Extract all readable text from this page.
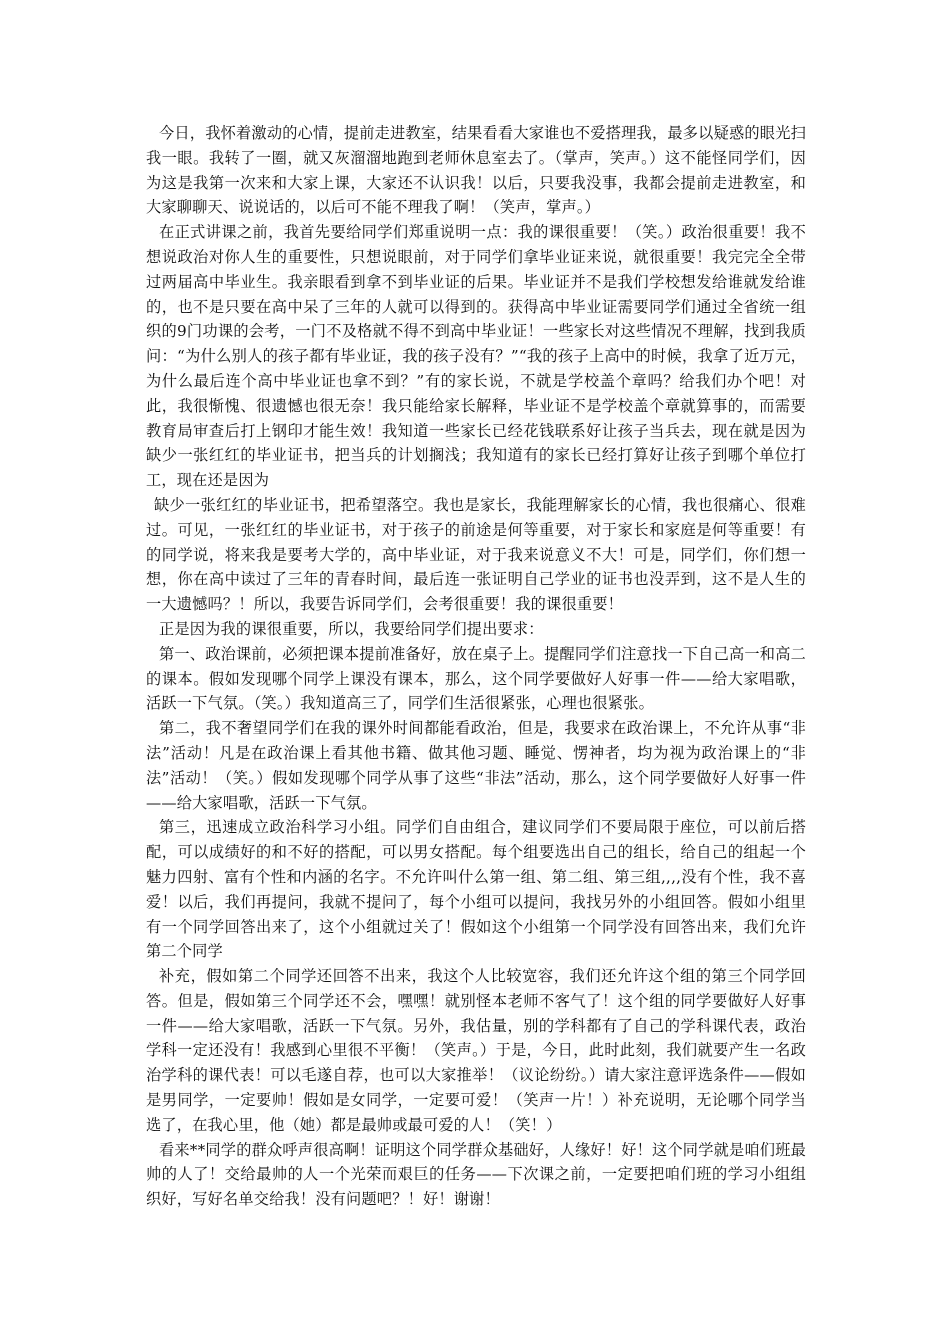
今日，我怀着激动的心情，提前走进教室，结果看看大家谁也不爱搭理我，最多以疑惑的眼光扫我一眼。我转了一圈，就又灰溜溜地跑到老师休息室去了。（掌声，笑声。）这不能怪同学们，因为这是我第一次来和大家上课，大家还不认识我！以后，只要我没事，我都会提前走进教室，和大家聊聊天、说说话的，以后可不能不理我了啊！（笑声，掌声。）

在正式讲课之前，我首先要给同学们郑重说明一点：我的课很重要！（笑。）政治很重要！我不想说政治对你人生的重要性，只想说眼前，对于同学们拿毕业证来说，就很重要！我完完全全带过两届高中毕业生。我亲眼看到拿不到毕业证的后果。毕业证并不是我们学校想发给谁就发给谁的，也不是只要在高中呆了三年的人就可以得到的。获得高中毕业证需要同学们通过全省统一组织的9门功课的会考，一门不及格就不得不到高中毕业证！一些家长对这些情况不理解，找到我质问：“为什么别人的孩子都有毕业证，我的孩子没有？”“我的孩子上高中的时候，我拿了近万元，为什么最后连个高中毕业证也拿不到？”有的家长说，不就是学校盖个章吗？给我们办个吧！对此，我很惭愧、很遗憾也很无奈！我只能给家长解释，毕业证不是学校盖个章就算事的，而需要教育局审查后打上钢印才能生效！我知道一些家长已经花钱联系好让孩子当兵去，现在就是因为缺少一张红红的毕业证书，把当兵的计划搁浅；我知道有的家长已经打算好让孩子到哪个单位打工，现在还是因为

缺少一张红红的毕业证书，把希望落空。我也是家长，我能理解家长的心情，我也很痛心、很难过。可见，一张红红的毕业证书，对于孩子的前途是何等重要，对于家长和家庭是何等重要！有的同学说，将来我是要考大学的，高中毕业证，对于我来说意义不大！可是，同学们，你们想一想，你在高中读过了三年的青春时间，最后连一张证明自己学业的证书也没弄到，这不是人生的一大遗憾吗？！所以，我要告诉同学们，会考很重要！我的课很重要！

正是因为我的课很重要，所以，我要给同学们提出要求：

第一、政治课前，必须把课本提前准备好，放在桌子上。提醒同学们注意找一下自己高一和高二的课本。假如发现哪个同学上课没有课本，那么，这个同学要做好人好事一件——给大家唱歌，活跃一下气氛。（笑。）我知道高三了，同学们生活很紧张，心理也很紧张。

第二，我不奢望同学们在我的课外时间都能看政治，但是，我要求在政治课上，不允许从事“非法”活动！凡是在政治课上看其他书籍、做其他习题、睡觉、愣神者，均为视为政治课上的“非法”活动！（笑。）假如发现哪个同学从事了这些“非法”活动，那么，这个同学要做好人好事一件——给大家唱歌，活跃一下气氛。

第三，迅速成立政治科学习小组。同学们自由组合，建议同学们不要局限于座位，可以前后搭配，可以成绩好的和不好的搭配，可以男女搭配。每个组要选出自己的组长，给自己的组起一个魅力四射、富有个性和内涵的名字。不允许叫什么第一组、第二组、第三组,,,,没有个性，我不喜爱！以后，我们再提问，我就不提问了，每个小组可以提问，我找另外的小组回答。假如小组里有一个同学回答出来了，这个小组就过关了！假如这个小组第一个同学没有回答出来，我们允许第二个同学

补充，假如第二个同学还回答不出来，我这个人比较宽容，我们还允许这个组的第三个同学回答。但是，假如第三个同学还不会，嘿嘿！就别怪本老师不客气了！这个组的同学要做好人好事一件——给大家唱歌，活跃一下气氛。另外，我估量，别的学科都有了自己的学科课代表，政治学科一定还没有！我感到心里很不平衡！（笑声。）于是，今日，此时此刻，我们就要产生一名政治学科的课代表！可以毛遂自荐，也可以大家推举！（议论纷纷。）请大家注意评选条件——假如是男同学，一定要帅！假如是女同学，一定要可爱！（笑声一片！）补充说明，无论哪个同学当选了，在我心里，他（她）都是最帅或最可爱的人！（笑！）

看来**同学的群众呼声很高啊！证明这个同学群众基础好，人缘好！好！这个同学就是咱们班最帅的人了！交给最帅的人一个光荣而艰巨的任务——下次课之前，一定要把咱们班的学习小组组织好，写好名单交给我！没有问题吧？！好！谢谢！
